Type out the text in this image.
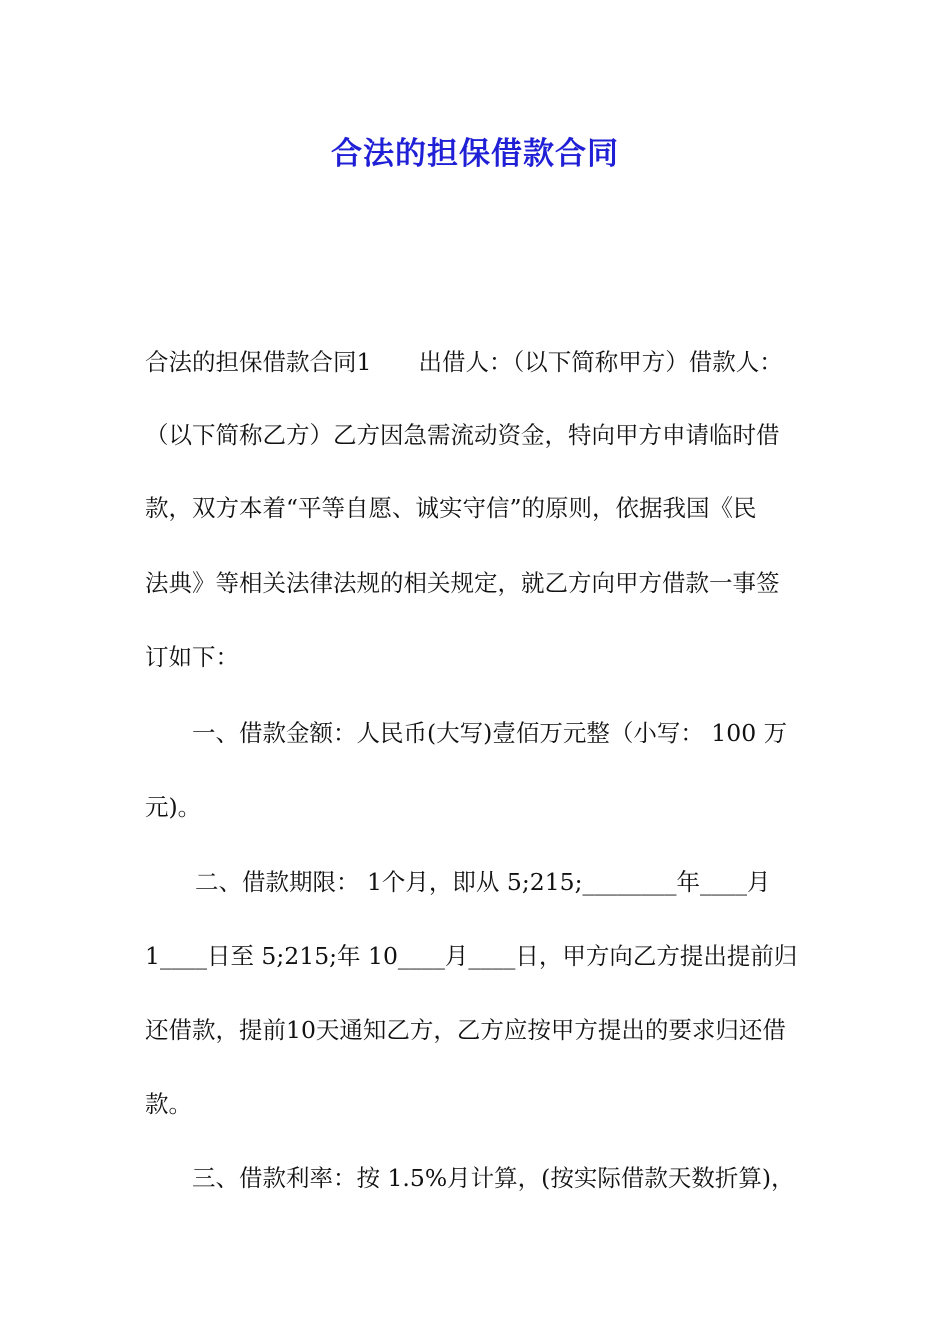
合法的担保借款合同
合法的担保借款合同1　　出借人：（以下简称甲方）借款人：
（以下简称乙方）乙方因急需流动资金，特向甲方申请临时借
款，双方本着“平等自愿、诚实守信”的原则，依据我国《民
法典》等相关法律法规的相关规定，就乙方向甲方借款一事签
订如下：
一、借款金额：人民币(大写)壹佰万元整（小写： 100 万
元)。
二、借款期限： 1个月，即从 5;215;________年____月
1____日至 5;215;年 10____月____日，甲方向乙方提出提前归
还借款，提前10天通知乙方，乙方应按甲方提出的要求归还借
款。
三、借款利率：按 1.5%月计算，(按实际借款天数折算)，
